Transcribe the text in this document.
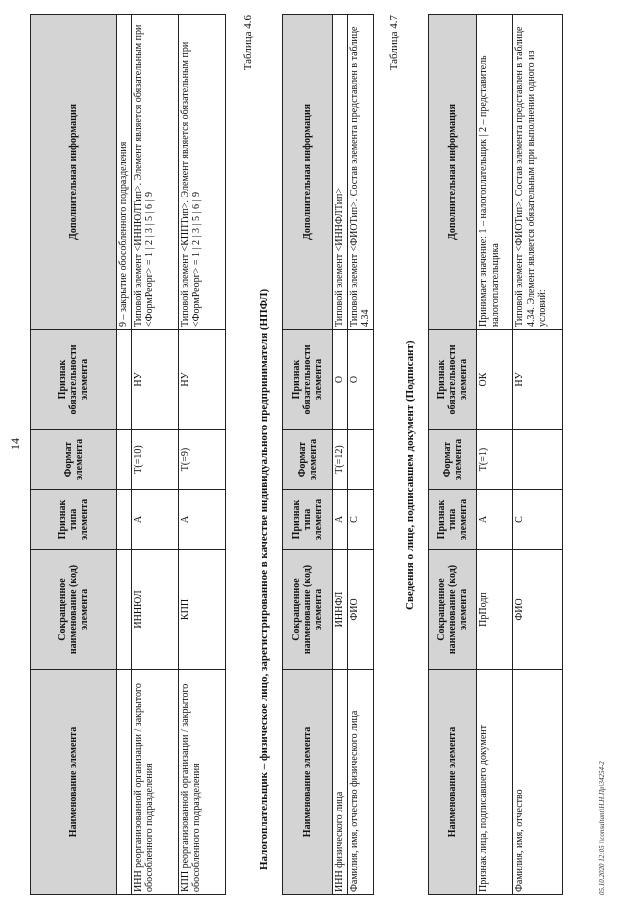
14
Наименование элемента	Сокращенное наименование (код) элемента	Признак типа элемента	Формат элемента	Признак обязательности элемента	Дополнительная информация
					9 – закрытие обособленного подразделения
ИНН реорганизованной организации / закрытого обособленного подразделения	ИННЮЛ	А	Т(=10)	НУ	Типовой элемент <ИННЮЛТип>. Элемент является обязательным при <ФормРеорг> = 1 | 2 | 3 | 5 | 6 | 9
КПП реорганизованной организации / закрытого обособленного подразделения	КПП	А	Т(=9)	НУ	Типовой элемент <КППТип>. Элемент является обязательным при <ФормРеорг> = 1 | 2 | 3 | 5 | 6 | 9
Таблица 4.6
Налогоплательщик – физическое лицо, зарегистрированное в качестве индивидуального предпринимателя (НПФЛ)	Наименование элемента	Сокращенное наименование (код) элемента	Признак типа элемента	Формат элемента	Признак обязательности элемента	Дополнительная информация
ИНН физического лица	ИННФЛ	А	Т(=12)	О	Типовой элемент <ИННФЛТип>
Фамилия, имя, отчество физического лица	ФИО	С		О	Типовой элемент <ФИОТип>. Состав элемента представлен в таблице 4.34
Таблица 4.7
Сведения о лице, подписавшем документ (Подписант)
Наименование элемента	Сокращенное наименование (код) элемента	Признак типа элемента	Формат элемента	Признак обязательности элемента	Дополнительная информация
Признак лица, подписавшего документ	ПрПодп	А	Т(=1)	ОК	Принимает значение: 1 – налогоплательщик | 2 – представитель налогоплательщика
Фамилия, имя, отчество	ФИО	С		НУ	Типовой элемент <ФИОТип>. Состав элемента представлен в таблице 4.34. Элемент является обязательным при выполнении одного из условий:
05.10.2020 12:05 \\consultant\Н.Н.Пр\34254-2
